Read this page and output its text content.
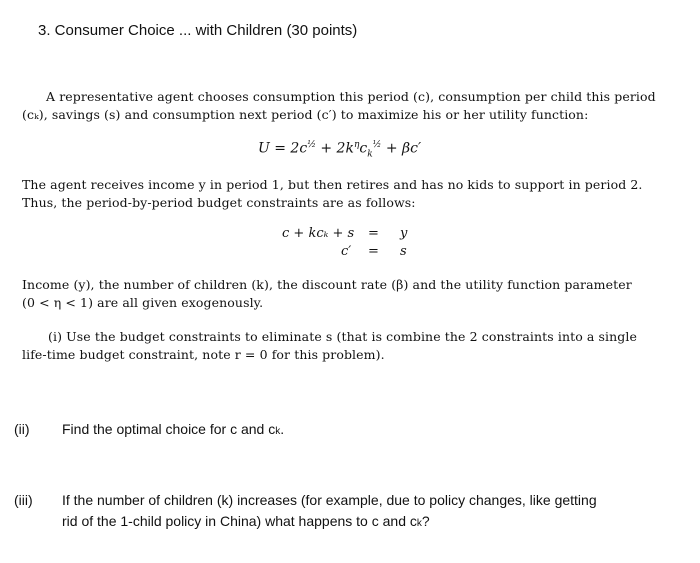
3. Consumer Choice ... with Children (30 points)
A representative agent chooses consumption this period (c), consumption per child this period
(cₖ), savings (s) and consumption next period (c′) to maximize his or her utility function:
$U = 2c^{\frac{1}{2}} + 2k^\eta c_k^{\frac{1}{2}} + \beta c'$
The agent receives income y in period 1, but then retires and has no kids to support in period 2.
Thus, the period-by-period budget constraints are as follows:
c + kcₖ + s = y
c′ = s
Income (y), the number of children (k), the discount rate (β) and the utility function parameter
(0 < η < 1) are all given exogenously.
(i) Use the budget constraints to eliminate s (that is combine the 2 constraints into a single
life-time budget constraint, note r = 0 for this problem).
(ii) Find the optimal choice for c and ck.
(iii) If the number of children (k) increases (for example, due to policy changes, like getting
rid of the 1-child policy in China) what happens to c and ck?
